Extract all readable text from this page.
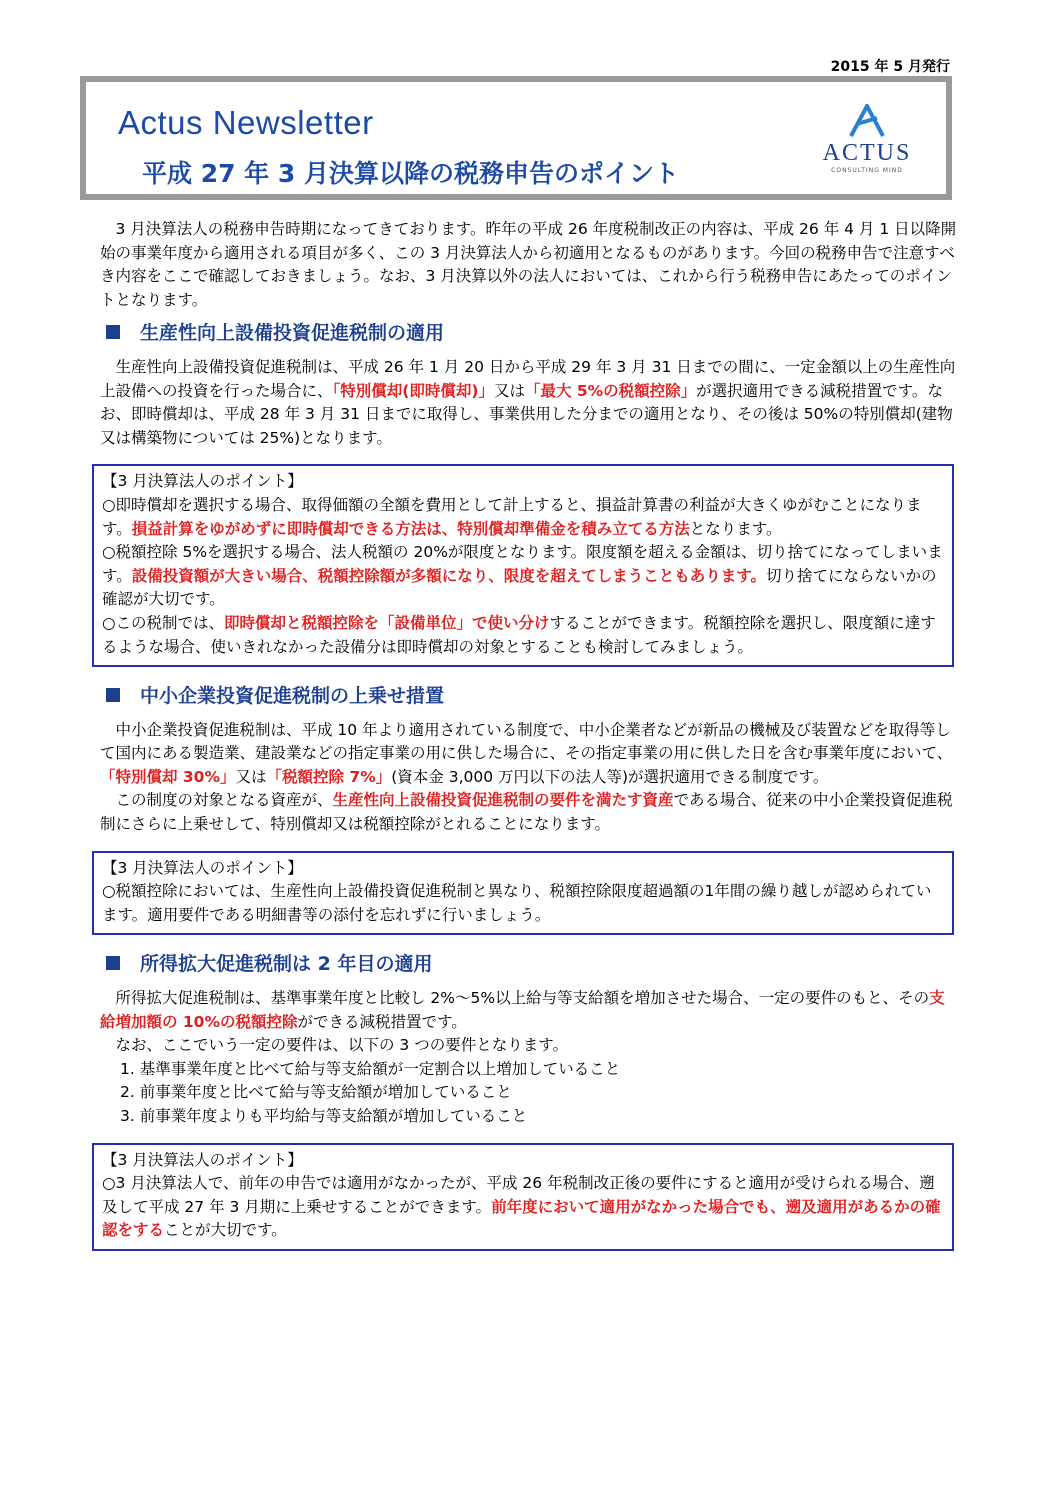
2015 年 5 月発行
Actus Newsletter
平成 27 年 3 月決算以降の税務申告のポイント
ACTUS
CONSULTING MIND

3 月決算法人の税務申告時期になってきております。昨年の平成 26 年度税制改正の内容は、平成 26 年 4 月 1 日以降開始の事業年度から適用される項目が多く、この 3 月決算法人から初適用となるものがあります。今回の税務申告で注意すべき内容をここで確認しておきましょう。なお、3 月決算以外の法人においては、これから行う税務申告にあたってのポイントとなります。

生産性向上設備投資促進税制の適用

生産性向上設備投資促進税制は、平成 26 年 1 月 20 日から平成 29 年 3 月 31 日までの間に、一定金額以上の生産性向上設備への投資を行った場合に、「特別償却(即時償却)」又は「最大 5%の税額控除」が選択適用できる減税措置です。なお、即時償却は、平成 28 年 3 月 31 日までに取得し、事業供用した分までの適用となり、その後は 50%の特別償却(建物又は構築物については 25%)となります。

【3 月決算法人のポイント】

○即時償却を選択する場合、取得価額の全額を費用として計上すると、損益計算書の利益が大きくゆがむことになります。損益計算をゆがめずに即時償却できる方法は、特別償却準備金を積み立てる方法となります。

○税額控除 5%を選択する場合、法人税額の 20%が限度となります。限度額を超える金額は、切り捨てになってしまいます。設備投資額が大きい場合、税額控除額が多額になり、限度を超えてしまうこともあります。切り捨てにならないかの確認が大切です。

○この税制では、即時償却と税額控除を「設備単位」で使い分けすることができます。税額控除を選択し、限度額に達するような場合、使いきれなかった設備分は即時償却の対象とすることも検討してみましょう。

中小企業投資促進税制の上乗せ措置

中小企業投資促進税制は、平成 10 年より適用されている制度で、中小企業者などが新品の機械及び装置などを取得等して国内にある製造業、建設業などの指定事業の用に供した場合に、その指定事業の用に供した日を含む事業年度において、「特別償却 30%」又は「税額控除 7%」(資本金 3,000 万円以下の法人等)が選択適用できる制度です。

この制度の対象となる資産が、生産性向上設備投資促進税制の要件を満たす資産である場合、従来の中小企業投資促進税制にさらに上乗せして、特別償却又は税額控除がとれることになります。

【3 月決算法人のポイント】

○税額控除においては、生産性向上設備投資促進税制と異なり、税額控除限度超過額の1年間の繰り越しが認められています。適用要件である明細書等の添付を忘れずに行いましょう。

所得拡大促進税制は 2 年目の適用

所得拡大促進税制は、基準事業年度と比較し 2%～5%以上給与等支給額を増加させた場合、一定の要件のもと、その支給増加額の 10%の税額控除ができる減税措置です。

なお、ここでいう一定の要件は、以下の 3 つの要件となります。

1. 基準事業年度と比べて給与等支給額が一定割合以上増加していること
2. 前事業年度と比べて給与等支給額が増加していること
3. 前事業年度よりも平均給与等支給額が増加していること

【3 月決算法人のポイント】

○3 月決算法人で、前年の申告では適用がなかったが、平成 26 年税制改正後の要件にすると適用が受けられる場合、遡及して平成 27 年 3 月期に上乗せすることができます。前年度において適用がなかった場合でも、遡及適用があるかの確認をすることが大切です。
